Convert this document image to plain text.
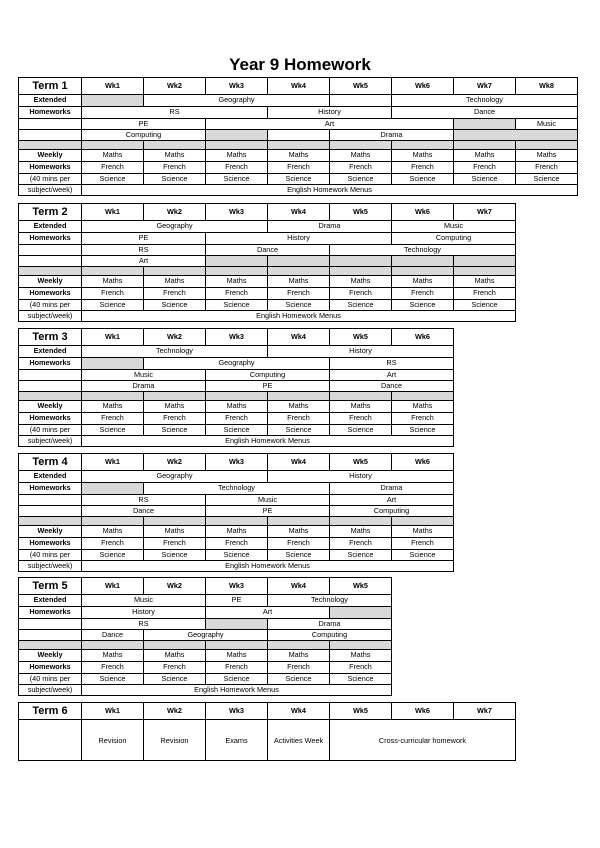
Year 9 Homework
Term 1	Wk1	Wk2	Wk3	Wk4	Wk5	Wk6	Wk7	Wk8
Extended		Geography				Technology		
Homeworks	RS			History		Dance		
	PE		Art					Music
	Computing				Drama			

Weekly	Maths	Maths	Maths	Maths	Maths	Maths	Maths	Maths
Homeworks	French	French	French	French	French	French	French	French
(40 mins per	Science	Science	Science	Science	Science	Science	Science	Science
subject/week)	English Homework Menus							
Term 2	Wk1	Wk2	Wk3	Wk4	Wk5	Wk6	Wk7
Extended	Geography			Drama		Music	
Homeworks	PE		History			Computing	
	RS		Dance		Technology		
	Art						

Weekly	Maths	Maths	Maths	Maths	Maths	Maths	Maths
Homeworks	French	French	French	French	French	French	French
(40 mins per	Science	Science	Science	Science	Science	Science	Science
subject/week)	English Homework Menus						
Term 3	Wk1	Wk2	Wk3	Wk4	Wk5	Wk6
Extended	Technology			History		
Homeworks		Geography			RS	
	Music		Computing		Art	
	Drama		PE		Dance	

Weekly	Maths	Maths	Maths	Maths	Maths	Maths
Homeworks	French	French	French	French	French	French
(40 mins per	Science	Science	Science	Science	Science	Science
subject/week)	English Homework Menus					
Term 4	Wk1	Wk2	Wk3	Wk4	Wk5	Wk6
Extended	Geography			History		
Homeworks		Technology			Drama	
	RS		Music		Art	
	Dance		PE		Computing	

Weekly	Maths	Maths	Maths	Maths	Maths	Maths
Homeworks	French	French	French	French	French	French
(40 mins per	Science	Science	Science	Science	Science	Science
subject/week)	English Homework Menus					
Term 5	Wk1	Wk2	Wk3	Wk4	Wk5
Extended	Music		PE	Technology	
Homeworks	History		Art		
	RS			Drama	
	Dance	Geography		Computing	

Weekly	Maths	Maths	Maths	Maths	Maths
Homeworks	French	French	French	French	French
(40 mins per	Science	Science	Science	Science	Science
subject/week)	English Homework Menus				
Term 6	Wk1	Wk2	Wk3	Wk4	Wk5	Wk6	Wk7
	Revision	Revision	Exams	Activities Week	Cross-curricular homework		
